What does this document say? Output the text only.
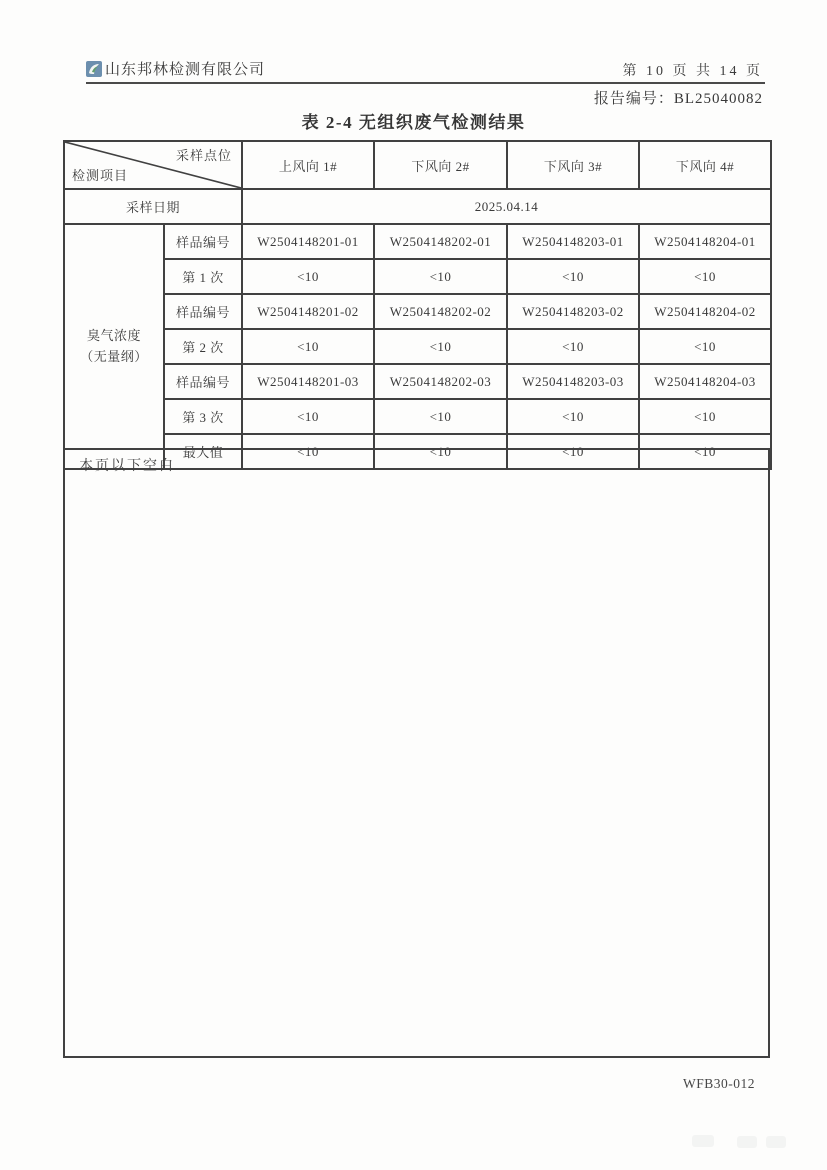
山东邦林检测有限公司	第 10 页 共 14 页
报告编号：BL25040082
表 2-4 无组织废气检测结果
采样点位
检测项目		上风向 1#	下风向 2#	下风向 3#	下风向 4#
采样日期		2025.04.14			

臭气浓度
（无量纲）	样品编号	W2504148201-01	W2504148202-01	W2504148203-01	W2504148204-01
	第 1 次	<10	<10	<10	<10
	样品编号	W2504148201-02	W2504148202-02	W2504148203-02	W2504148204-02
	第 2 次	<10	<10	<10	<10
	样品编号	W2504148201-03	W2504148202-03	W2504148203-03	W2504148204-03
	第 3 次	<10	<10	<10	<10
	最大值	<10	<10	<10	<10
本页以下空白
WFB30-012
